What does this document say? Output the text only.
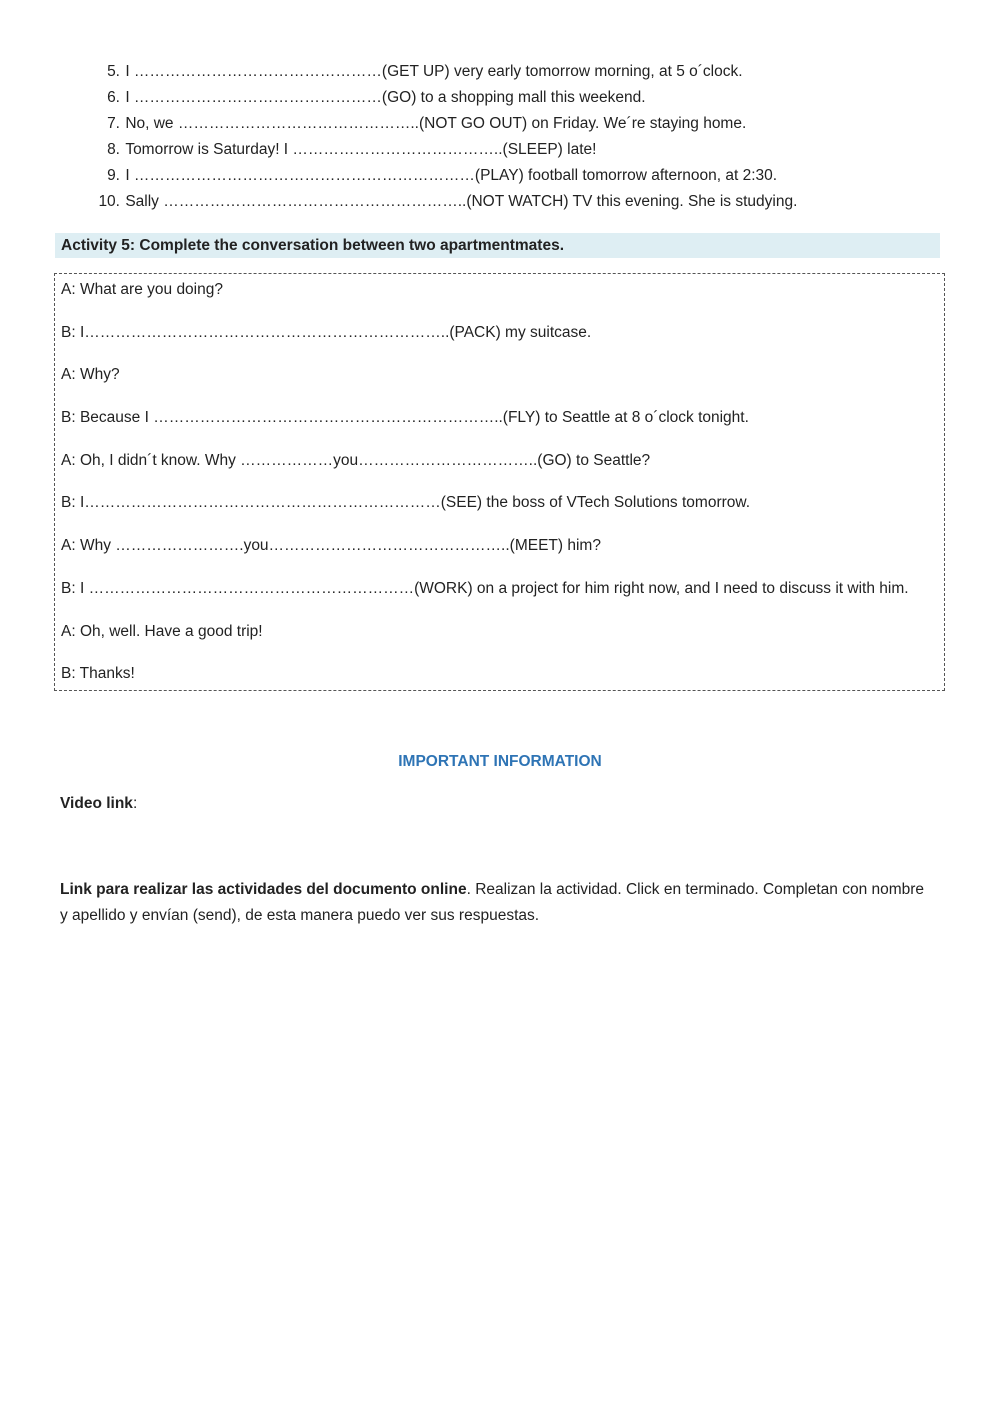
5. I …………………………………………(GET UP) very early tomorrow morning, at 5 o´clock.
6. I …………………………………………(GO) to a shopping mall this weekend.
7. No, we ………………………………………..(NOT GO OUT) on Friday. We´re staying home.
8. Tomorrow is Saturday! I …………………………………..(SLEEP) late!
9. I …………………………………………………………(PLAY) football tomorrow afternoon, at 2:30.
10. Sally …………………………………………………..(NOT WATCH) TV this evening. She is studying.
Activity 5: Complete the conversation between two apartmentmates.
A: What are you doing?
B: I……………………………………………………………..(PACK) my suitcase.
A: Why?
B: Because I …………………………………………………………..(FLY) to Seattle at 8 o´clock tonight.
A: Oh, I didn´t know. Why ………………you……………………………..(GO) to Seattle?
B: I……………………………………………………………(SEE) the boss of VTech Solutions tomorrow.
A: Why …………………….you………………………………………..(MEET) him?
B: I ………………………………………………………(WORK) on a project for him right now, and I need to discuss it with him.
A: Oh, well. Have a good trip!
B: Thanks!
IMPORTANT INFORMATION
Video link:
Link para realizar las actividades del documento online. Realizan la actividad. Click en terminado. Completan con nombre y apellido y envían (send), de esta manera puedo ver sus respuestas.
